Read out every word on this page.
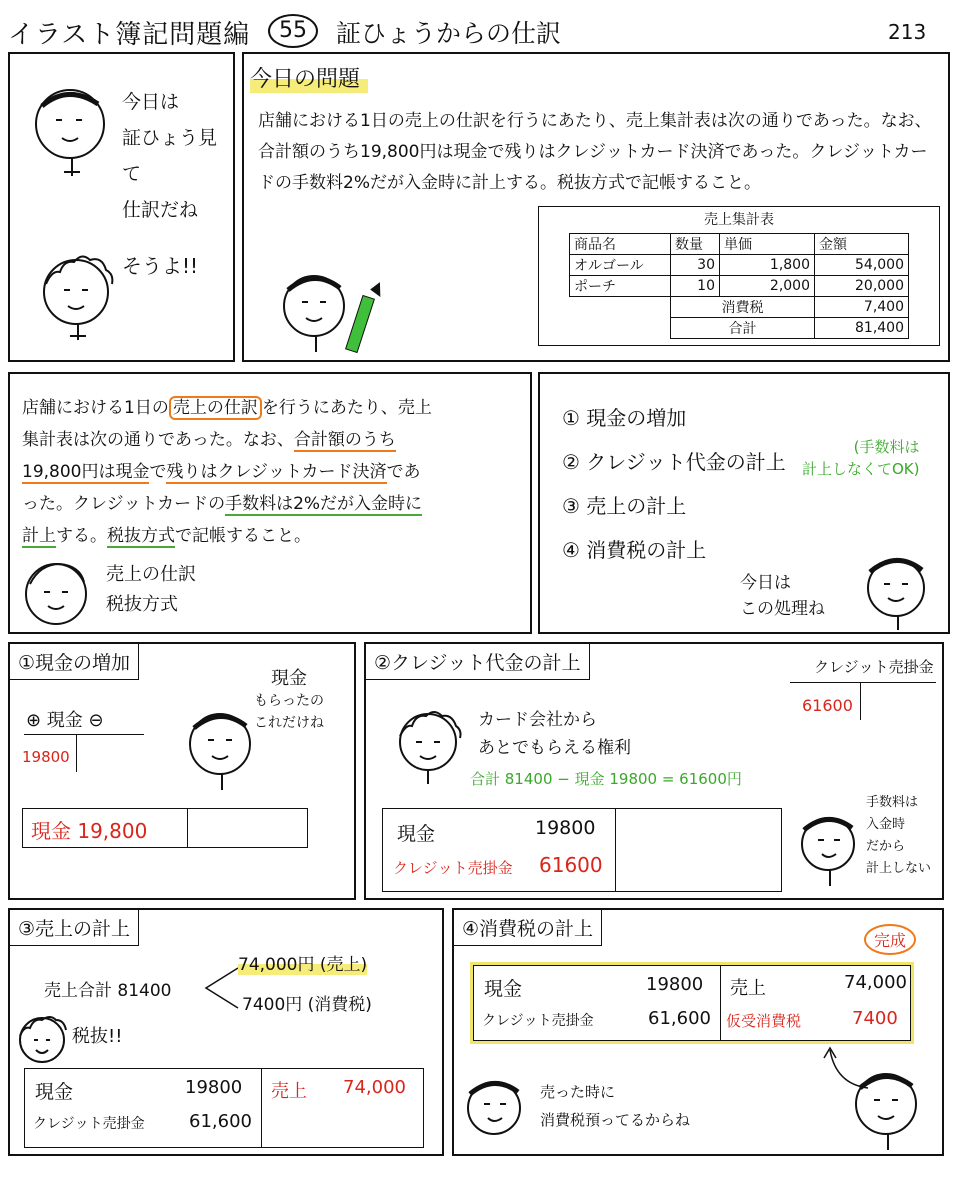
イラスト簿記問題編	55	証ひょうからの仕訳	213
今日は
証ひょう見て
仕訳だね
そうよ!!
今日の問題
店舗における1日の売上の仕訳を行うにあたり、売上集計表は次の通りであった。なお、合計額のうち19,800円は現金で残りはクレジットカード決済であった。クレジットカードの手数料2%だが入金時に計上する。税抜方式で記帳すること。
売上集計表
商品名	数量	単価	金額
オルゴール	30	1,800	54,000
ポーチ	10	2,000	20,000
	消費税		7,400
	合計		81,400
店舗における1日の 売上の仕訳 を行うにあたり、売上
集計表は次の通りであった。なお、合計額のうち
19,800円は現金で残りはクレジットカード決済であ
った。クレジットカードの手数料は2%だが入金時に
計上する。税抜方式で記帳すること。
売上の仕訳
税抜方式
① 現金の増加
② クレジット代金の計上
③ 売上の計上
④ 消費税の計上
(手数料は
計上しなくてOK)
今日は
この処理ね
①現金の増加
⊕ 現金 ⊖
19800
現金
もらったの
これだけね
現金 19,800
②クレジット代金の計上	クレジット売掛金
61600
カード会社から
あとでもらえる権利
合計 81400 − 現金 19800 = 61600円
現金	19800
クレジット売掛金 61600
手数料は
入金時
だから
計上しない
③売上の計上
売上合計 81400
74,000円 (売上)
7400円 (消費税)
税抜!!
現金	19800
クレジット売掛金 61,600
売上 74,000
④消費税の計上
完成
現金	19800
クレジット売掛金	61,600
売上	74,000
仮受消費税	7400
売った時に
消費税預ってるからね
